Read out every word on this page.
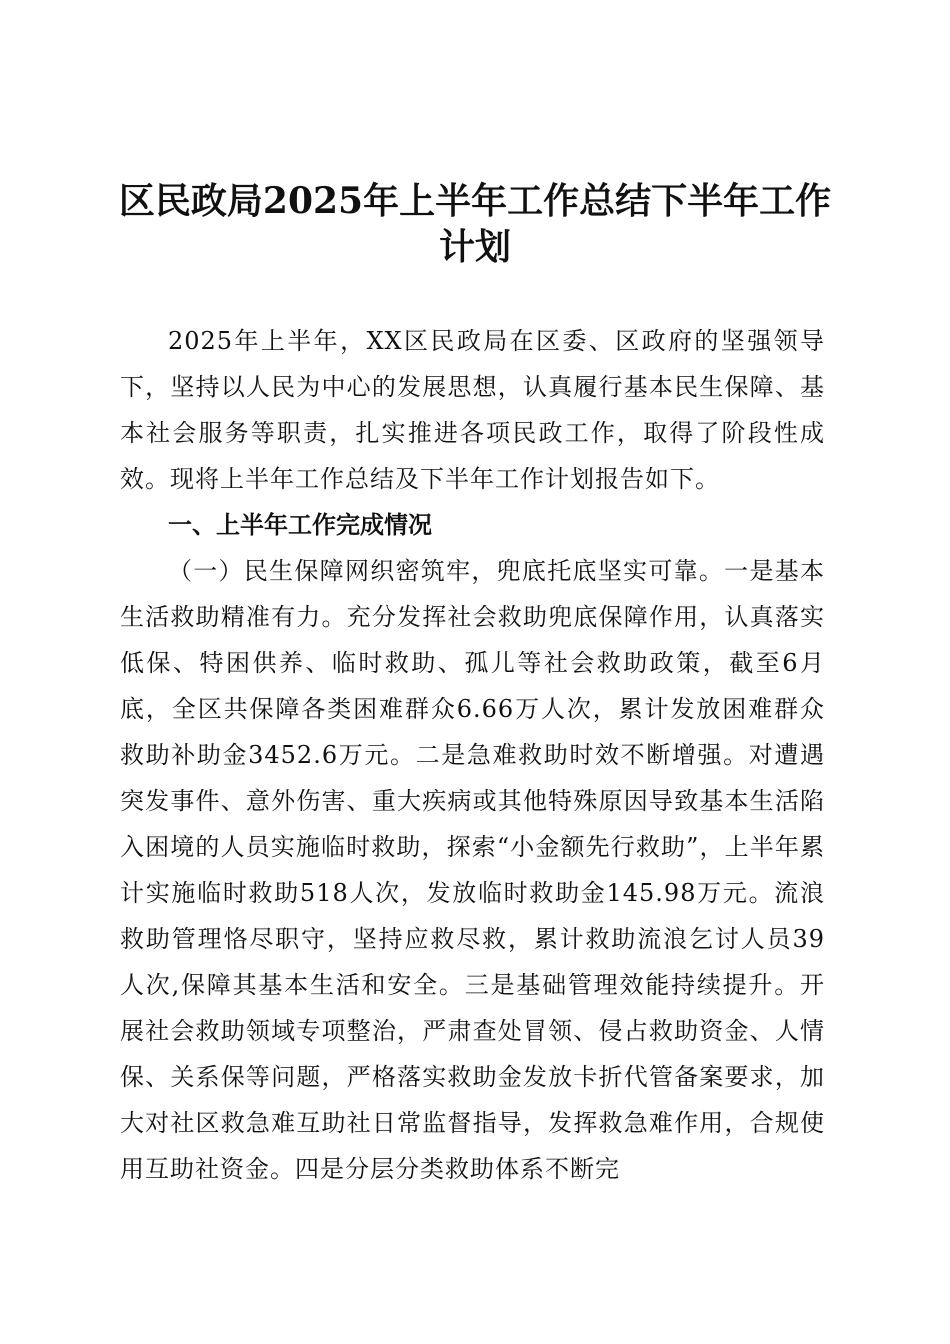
区民政局2025年上半年工作总结下半年工作计划

2025年上半年，XX区民政局在区委、区政府的坚强领导下，坚持以人民为中心的发展思想，认真履行基本民生保障、基本社会服务等职责，扎实推进各项民政工作，取得了阶段性成效。现将上半年工作总结及下半年工作计划报告如下。

一、上半年工作完成情况

（一）民生保障网织密筑牢，兜底托底坚实可靠。一是基本生活救助精准有力。充分发挥社会救助兜底保障作用，认真落实低保、特困供养、临时救助、孤儿等社会救助政策，截至6月底，全区共保障各类困难群众6.66万人次，累计发放困难群众救助补助金3452.6万元。二是急难救助时效不断增强。对遭遇突发事件、意外伤害、重大疾病或其他特殊原因导致基本生活陷入困境的人员实施临时救助，探索“小金额先行救助”，上半年累计实施临时救助518人次，发放临时救助金145.98万元。流浪救助管理恪尽职守，坚持应救尽救，累计救助流浪乞讨人员39人次,保障其基本生活和安全。三是基础管理效能持续提升。开展社会救助领域专项整治，严肃查处冒领、侵占救助资金、人情保、关系保等问题，严格落实救助金发放卡折代管备案要求，加大对社区救急难互助社日常监督指导，发挥救急难作用，合规使用互助社资金。四是分层分类救助体系不断完
